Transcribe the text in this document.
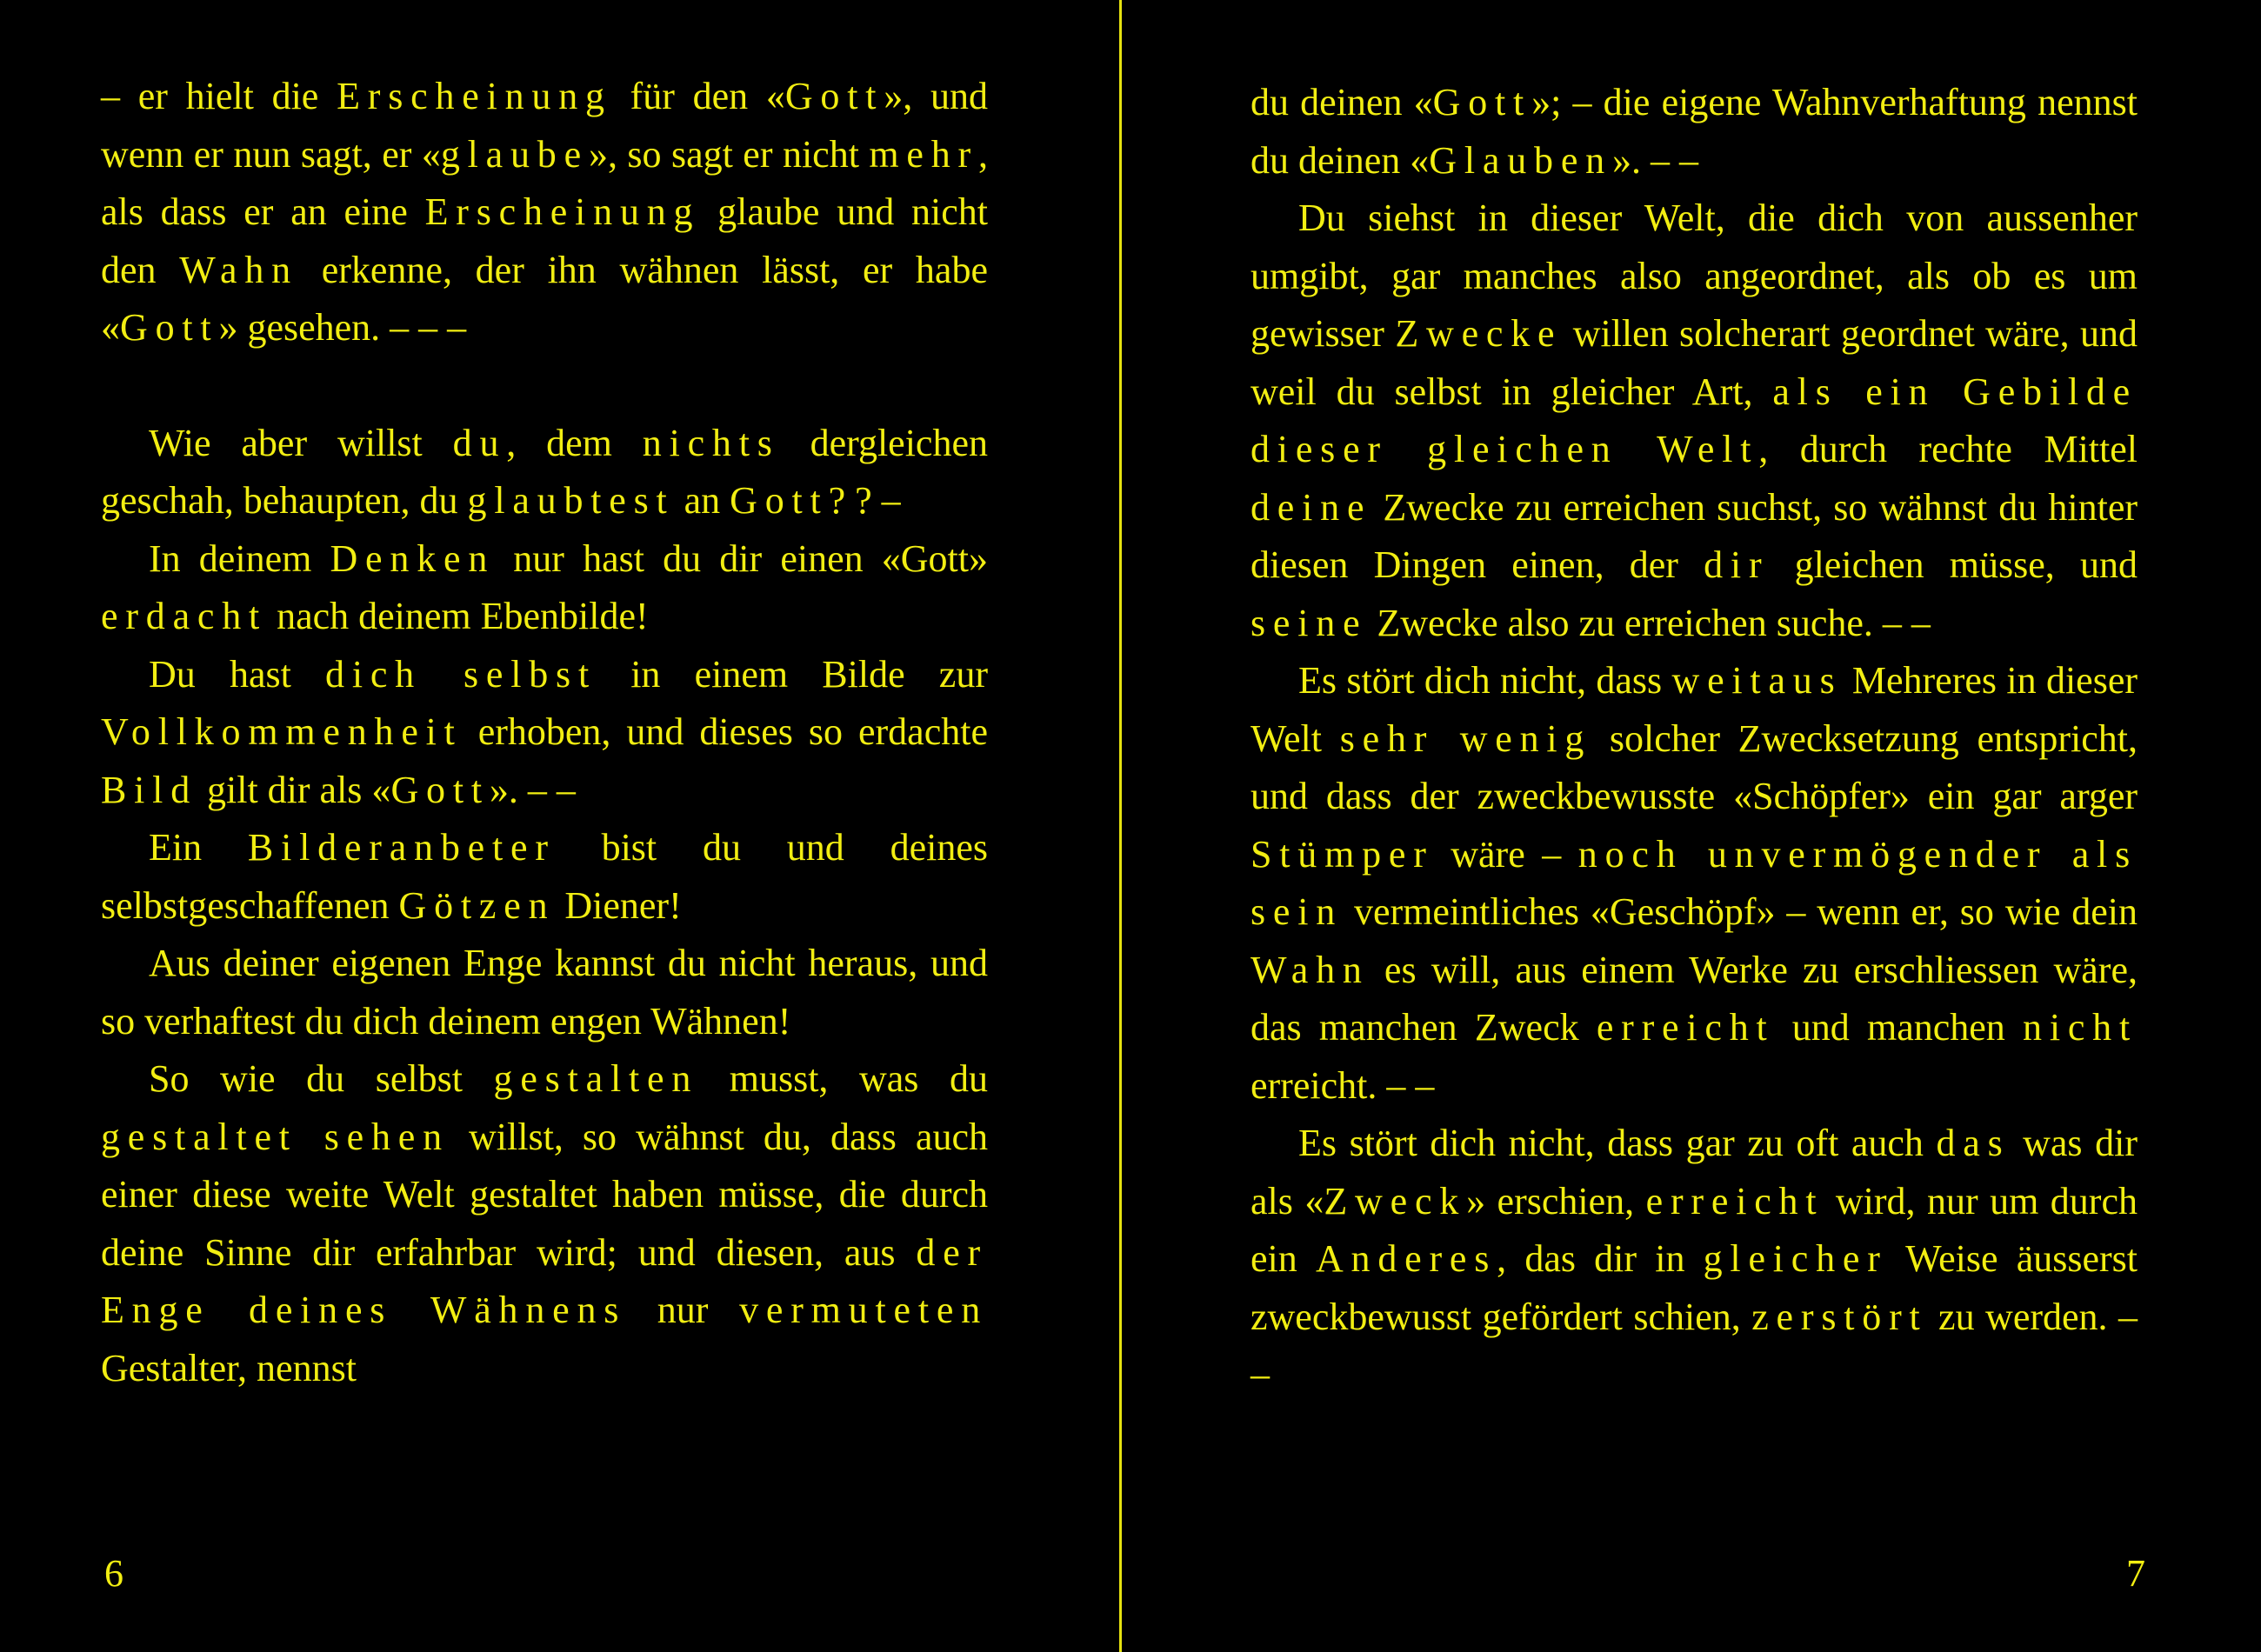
– er hielt die Erscheinung für den «Gott», und wenn er nun sagt, er «glaube», so sagt er nicht mehr, als dass er an eine Erscheinung glaube und nicht den Wahn erkenne, der ihn wähnen lässt, er habe «Gott» gesehen. – – –

Wie aber willst du, dem nichts dergleichen geschah, behaupten, du glaubtest an Gott? ? –

In deinem Denken nur hast du dir einen «Gott» erdacht nach deinem Ebenbilde!

Du hast dich selbst in einem Bilde zur Vollkommenheit erhoben, und dieses so erdachte Bild gilt dir als «Gott». – –

Ein Bilderanbeter bist du und deines selbstgeschaffenen Götzen Diener!

Aus deiner eigenen Enge kannst du nicht heraus, und so verhaftest du dich deinem engen Wähnen!

So wie du selbst gestalten musst, was du gestaltet sehen willst, so wähnst du, dass auch einer diese weite Welt gestaltet haben müsse, die durch deine Sinne dir erfahrbar wird; und diesen, aus der Enge deines Wähnens nur vermuteten Gestalter, nennst

6

du deinen «Gott»; – die eigene Wahnverhaftung nennst du deinen «Glauben». – –

Du siehst in dieser Welt, die dich von aussenher umgibt, gar manches also angeordnet, als ob es um gewisser Zwecke willen solcherart geordnet wäre, und weil du selbst in gleicher Art, als ein Gebilde dieser gleichen Welt, durch rechte Mittel deine Zwecke zu erreichen suchst, so wähnst du hinter diesen Dingen einen, der dir gleichen müsse, und seine Zwecke also zu erreichen suche. – –

Es stört dich nicht, dass weitaus Mehreres in dieser Welt sehr wenig solcher Zwecksetzung entspricht, und dass der zweckbewusste «Schöpfer» ein gar arger Stümper wäre – noch unvermögender als sein vermeintliches «Geschöpf» – wenn er, so wie dein Wahn es will, aus einem Werke zu erschliessen wäre, das manchen Zweck erreicht und manchen nicht erreicht. – –

Es stört dich nicht, dass gar zu oft auch das was dir als «Zweck» erschien, erreicht wird, nur um durch ein Anderes, das dir in gleicher Weise äusserst zweckbewusst gefördert schien, zerstört zu werden. – –

7
